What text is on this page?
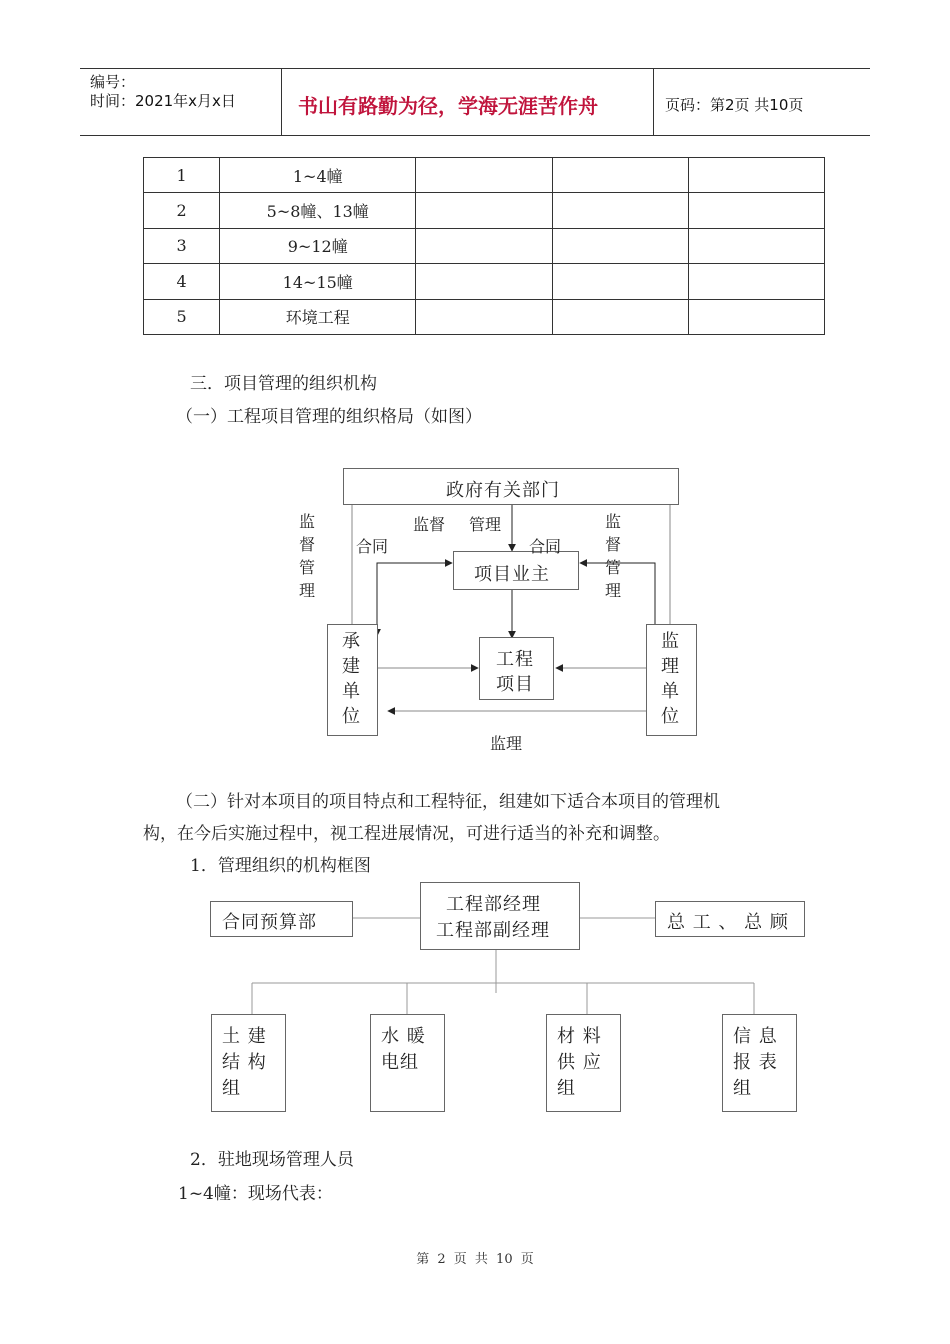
编号：
时间：2021年x月x日	书山有路勤为径，学海无涯苦作舟	页码：第2页 共10页
1	1~4幢			
2	5~8幢、13幢			
3	9~12幢			
4	14~15幢			
5	环境工程			
三．项目管理的组织机构
（一）工程项目管理的组织格局（如图）
政府有关部门
项目业主
工程
项目
承建单位
监理单位
监督管理
监督管理
监督 管理
合同	合同
监理
（二）针对本项目的项目特点和工程特征，组建如下适合本项目的管理机
构，在今后实施过程中，视工程进展情况，可进行适当的补充和调整。
1．管理组织的机构框图
工程部经理
工程部副经理
合同预算部	总 工 、 总 顾
土 建
结 构
组
水 暖
电组
材 料
供 应
组
信 息
报 表
组
2．驻地现场管理人员
1~4幢：现场代表：
第 2 页 共 10 页
